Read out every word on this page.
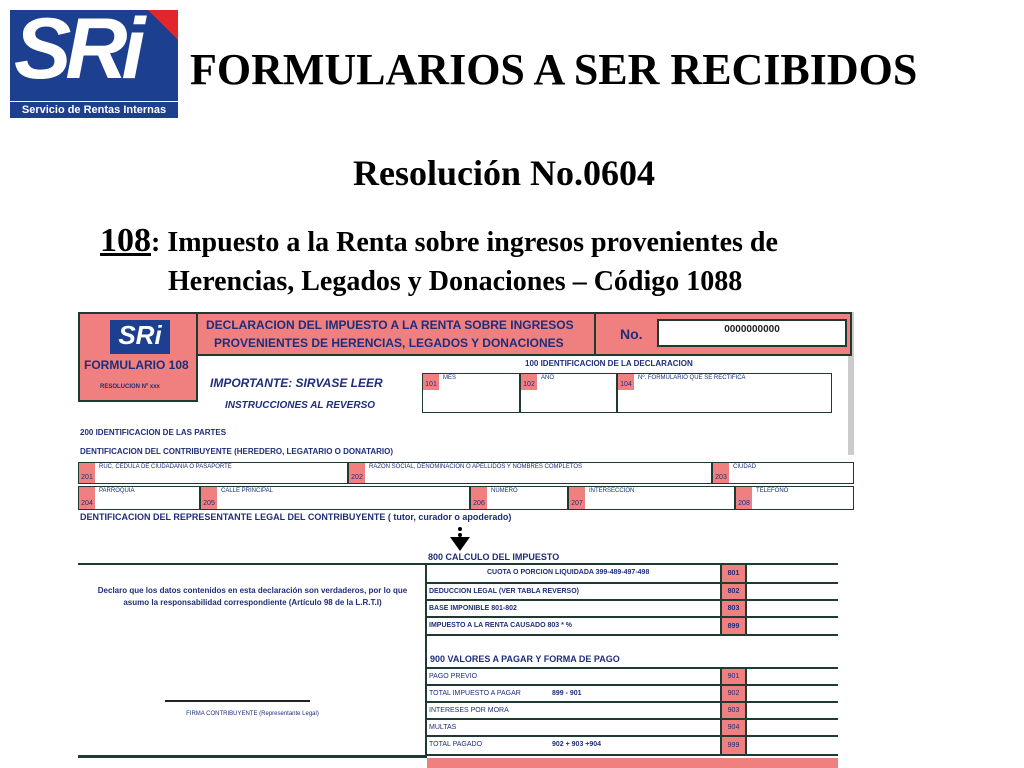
SRi
Servicio de Rentas Internas
FORMULARIOS A SER RECIBIDOS
Resolución No.0604
108: Impuesto a la Renta sobre ingresos provenientes de
Herencias, Legados y Donaciones – Código 1088
SRi
FORMULARIO 108
RESOLUCION Nº xxx
DECLARACION DEL IMPUESTO A LA RENTA SOBRE INGRESOS
PROVENIENTES DE HERENCIAS, LEGADOS Y DONACIONES
No.	0000000000
100 IDENTIFICACION DE LA DECLARACION
IMPORTANTE: SIRVASE LEER
INSTRUCCIONES AL REVERSO
101
MES
102
AÑO
104
Nº. FORMULARIO QUE SE RECTIFICA
200 IDENTIFICACION DE LAS PARTES
DENTIFICACION DEL CONTRIBUYENTE (HEREDERO, LEGATARIO O DONATARIO)
201
RUC, CEDULA DE CIUDADANIA O PASAPORTE
202
RAZON SOCIAL, DENOMINACION O APELLIDOS Y NOMBRES COMPLETOS
203
CIUDAD
204
PARROQUIA
205
CALLE PRINCIPAL
206
NUMERO
207
INTERSECCION
208
TELEFONO
DENTIFICACION DEL REPRESENTANTE LEGAL DEL CONTRIBUYENTE ( tutor, curador o apoderado)
800 CALCULO DEL IMPUESTO
Declaro que los datos contenidos en esta declaración son verdaderos, por lo que asumo la responsabilidad correspondiente (Artículo 98 de la L.R.T.I)
FIRMA CONTRIBUYENTE (Representante Legal)
CUOTA O PORCION LIQUIDADA 399-489-497-498	801
DEDUCCION LEGAL (VER TABLA REVERSO)	802
BASE IMPONIBLE 801-802	803
IMPUESTO A LA RENTA CAUSADO 803 * %	899
900 VALORES A PAGAR Y FORMA DE PAGO
PAGO PREVIO	901
TOTAL IMPUESTO A PAGAR	899 - 901	902
INTERESES POR MORA	903
MULTAS	904
TOTAL PAGADO	902 + 903 +904	999
